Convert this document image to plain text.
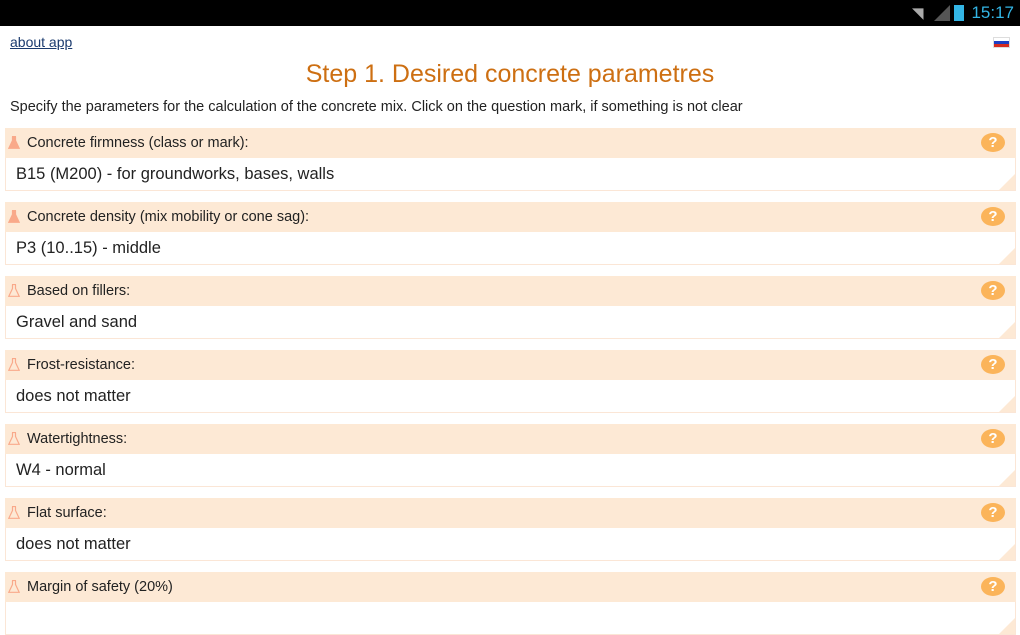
◥	15:17
about app
Step 1. Desired concrete parametres
Specify the parameters for the calculation of the concrete mix. Click on the question mark, if something is not clear
Concrete firmness (class or mark):	?
B15 (M200) - for groundworks, bases, walls
Concrete density (mix mobility or cone sag):	?
P3 (10..15) - middle
Based on fillers:	?
Gravel and sand
Frost-resistance:	?
does not matter
Watertightness:	?
W4 - normal
Flat surface:	?
does not matter
Margin of safety (20%)	?
